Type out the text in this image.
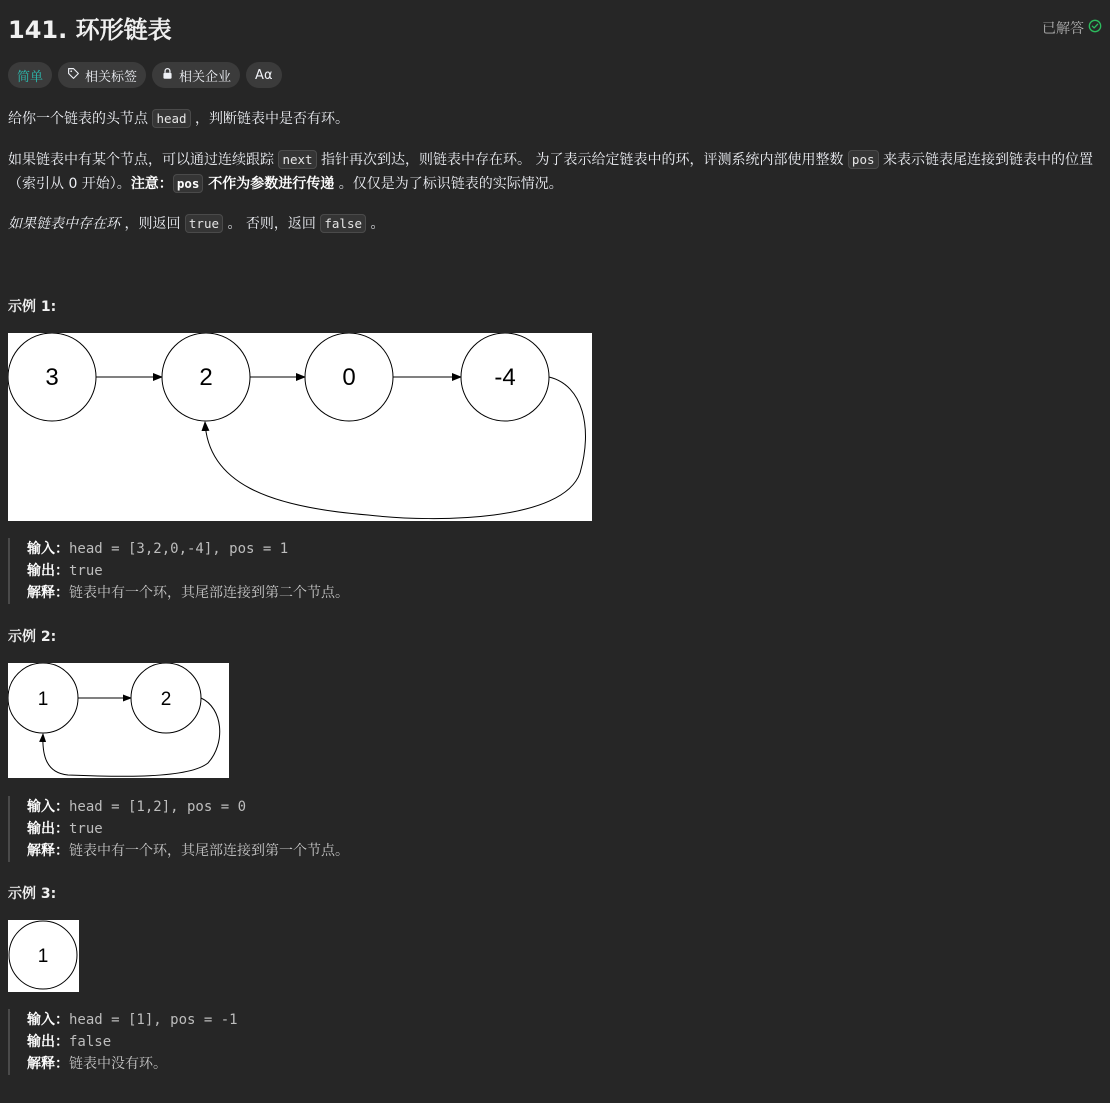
141. 环形链表	已解答
简单	相关标签	相关企业 Aα

给你一个链表的头节点 head ，判断链表中是否有环。

如果链表中有某个节点，可以通过连续跟踪 next 指针再次到达，则链表中存在环。 为了表示给定链表中的环，评测系统内部使用整数 pos 来表示链表尾连接到链表中的位置（索引从 0 开始）。注意： pos 不作为参数进行传递 。仅仅是为了标识链表的实际情况。

如果链表中存在环 ，则返回 true 。 否则，返回 false 。

示例 1:
3	2	0	-4
输入：head = [3,2,0,-4], pos = 1
输出：true
解释：链表中有一个环，其尾部连接到第二个节点。
示例 2:
1	2
输入：head = [1,2], pos = 0
输出：true
解释：链表中有一个环，其尾部连接到第一个节点。
示例 3:
1
输入：head = [1], pos = -1
输出：false
解释：链表中没有环。
